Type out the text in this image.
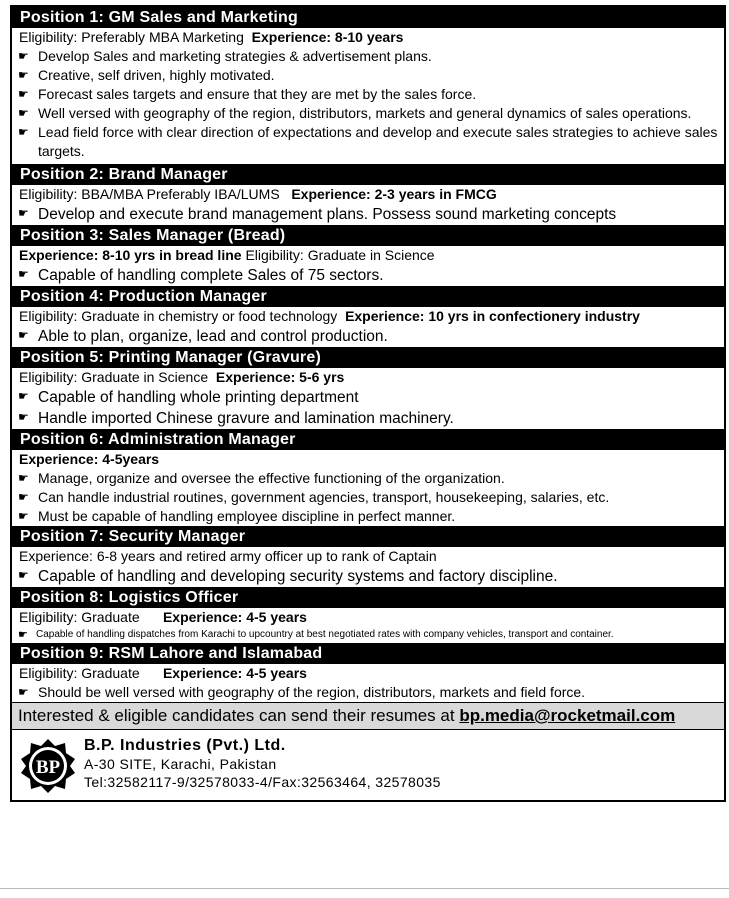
Position 1: GM Sales and Marketing
Eligibility: Preferably MBA Marketing Experience: 8-10 years
☛ Develop Sales and marketing strategies & advertisement plans.
☛ Creative, self driven, highly motivated.
☛ Forecast sales targets and ensure that they are met by the sales force.
☛ Well versed with geography of the region, distributors, markets and general dynamics of sales operations.
☛ Lead field force with clear direction of expectations and develop and execute sales strategies to achieve sales targets.
Position 2: Brand Manager
Eligibility: BBA/MBA Preferably IBA/LUMS Experience: 2-3 years in FMCG
☛ Develop and execute brand management plans. Possess sound marketing concepts
Position 3: Sales Manager (Bread)
Experience: 8-10 yrs in bread line Eligibility: Graduate in Science
☛ Capable of handling complete Sales of 75 sectors.
Position 4: Production Manager
Eligibility: Graduate in chemistry or food technology Experience: 10 yrs in confectionery industry
☛ Able to plan, organize, lead and control production.
Position 5: Printing Manager (Gravure)
Eligibility: Graduate in Science Experience: 5-6 yrs
☛ Capable of handling whole printing department
☛ Handle imported Chinese gravure and lamination machinery.
Position 6: Administration Manager
Experience: 4-5years
☛ Manage, organize and oversee the effective functioning of the organization.
☛ Can handle industrial routines, government agencies, transport, housekeeping, salaries, etc.
☛ Must be capable of handling employee discipline in perfect manner.
Position 7: Security Manager
Experience: 6-8 years and retired army officer up to rank of Captain
☛ Capable of handling and developing security systems and factory discipline.
Position 8: Logistics Officer
Eligibility: Graduate Experience: 4-5 years
☛ Capable of handling dispatches from Karachi to upcountry at best negotiated rates with company vehicles, transport and container.
Position 9: RSM Lahore and Islamabad
Eligibility: Graduate Experience: 4-5 years
☛ Should be well versed with geography of the region, distributors, markets and field force.
Interested & eligible candidates can send their resumes at bp.media@rocketmail.com
BP
B.P. Industries (Pvt.) Ltd.
A-30 SITE, Karachi, Pakistan
Tel:32582117-9/32578033-4/Fax:32563464, 32578035
